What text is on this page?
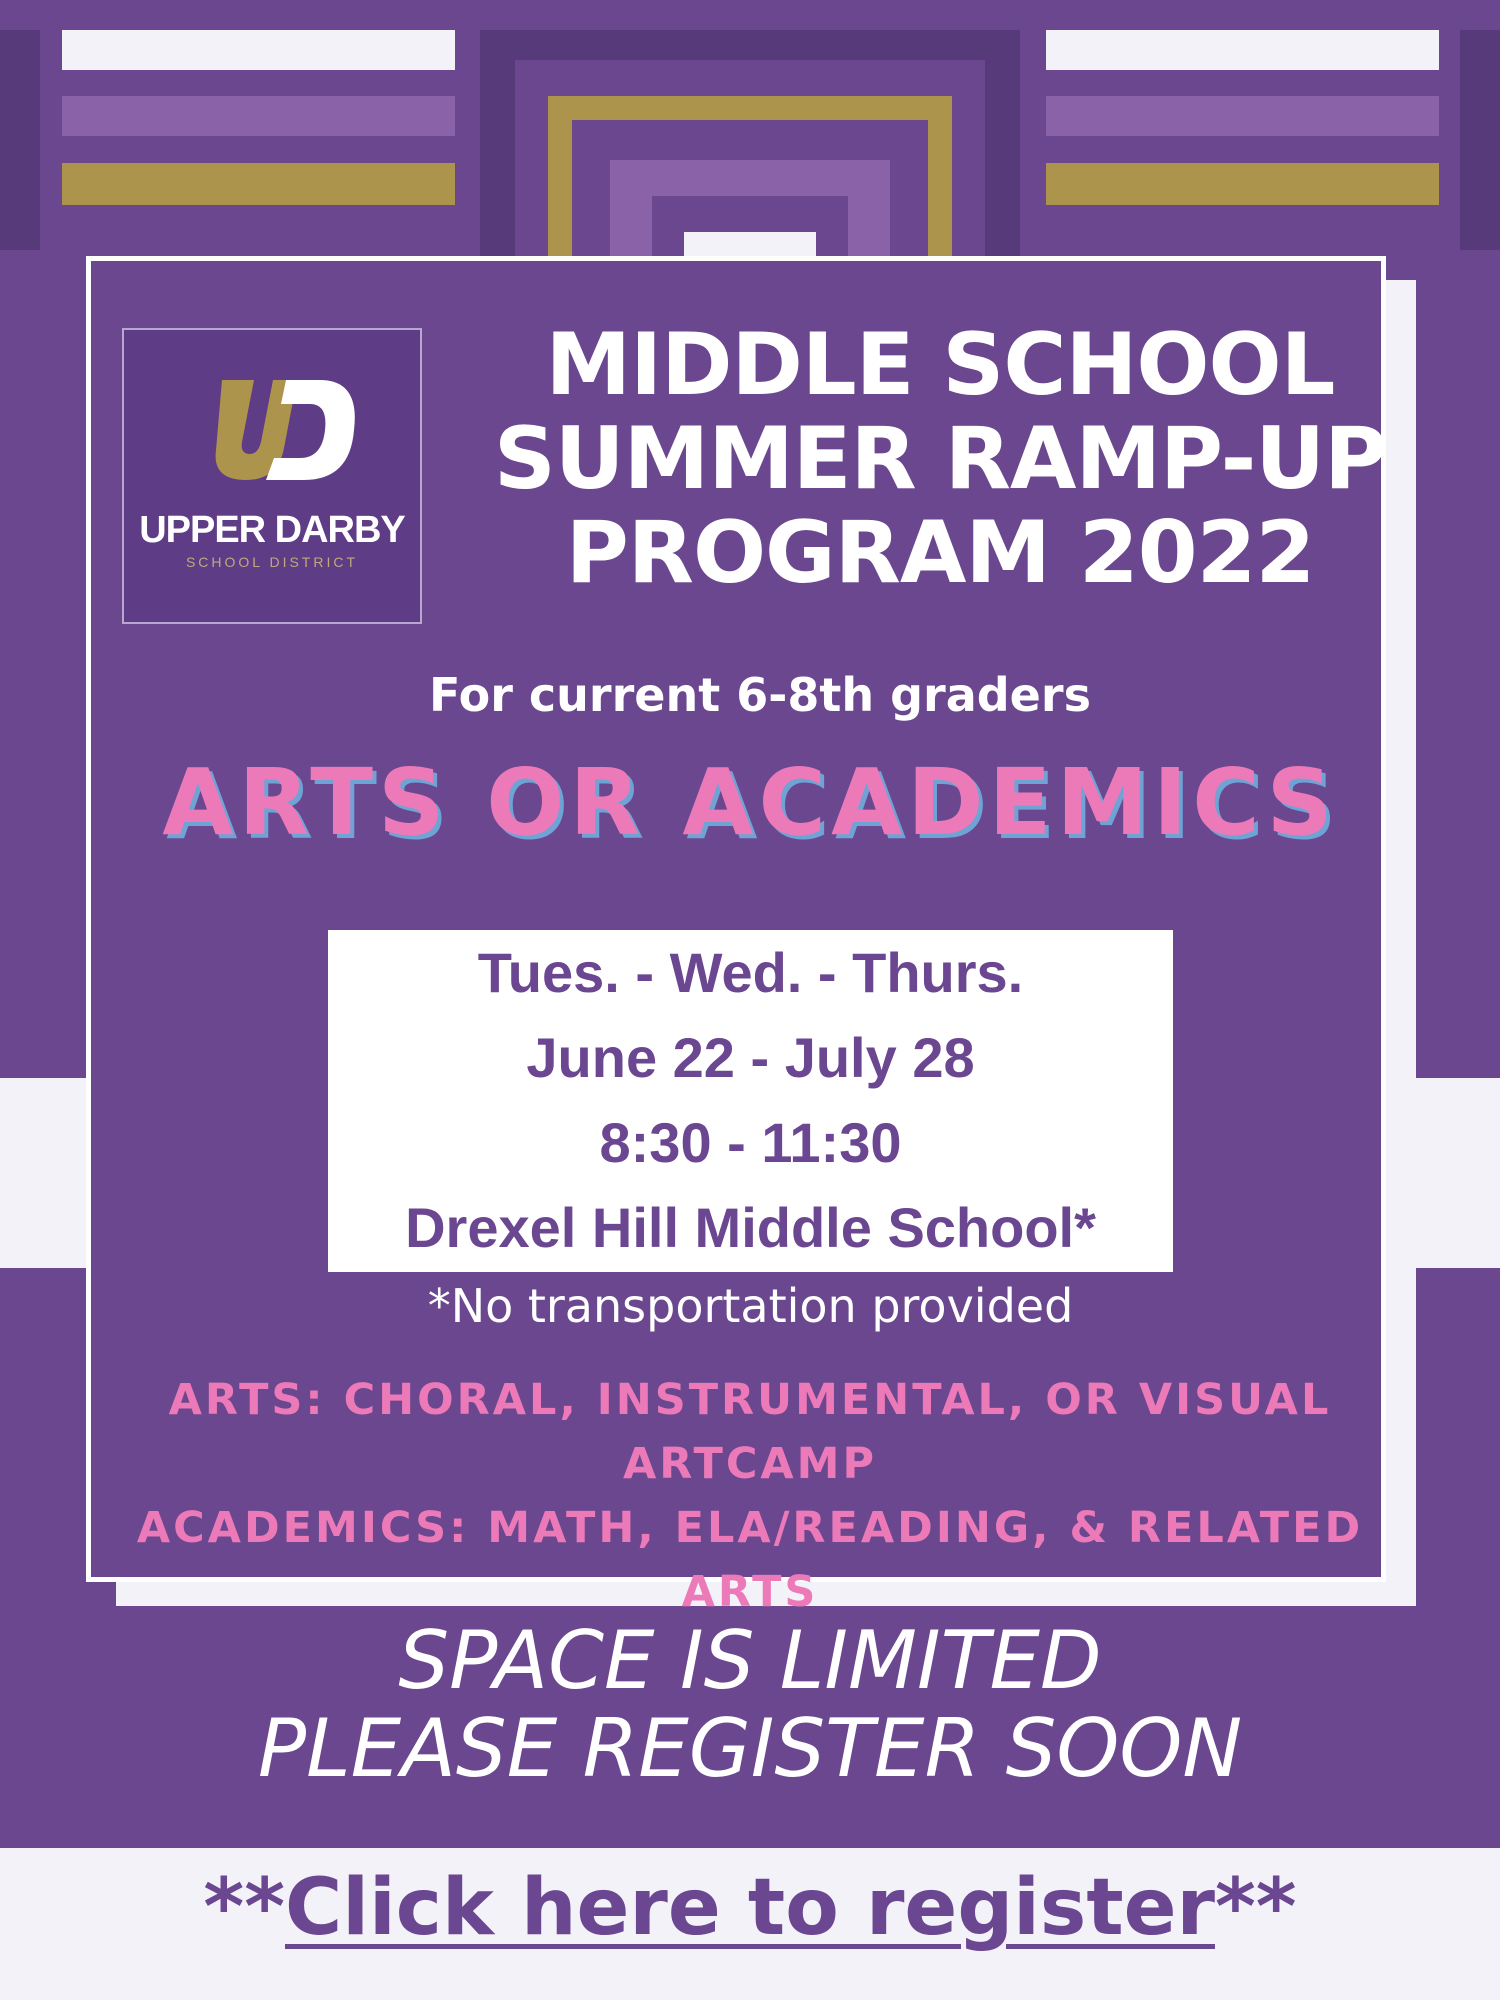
UPPER DARBY

SCHOOL DISTRICT

MIDDLE SCHOOL
SUMMER RAMP-UP
PROGRAM 2022

For current 6-8th graders

ARTS OR ACADEMICS

Tues. - Wed. - Thurs.
June 22 - July 28
8:30 - 11:30
Drexel Hill Middle School*

*No transportation provided

ARTS: CHORAL, INSTRUMENTAL, OR VISUAL
ARTCAMP
ACADEMICS: MATH, ELA/READING, & RELATED ARTS
SPACE IS LIMITED
PLEASE REGISTER SOON

**Click here to register**
